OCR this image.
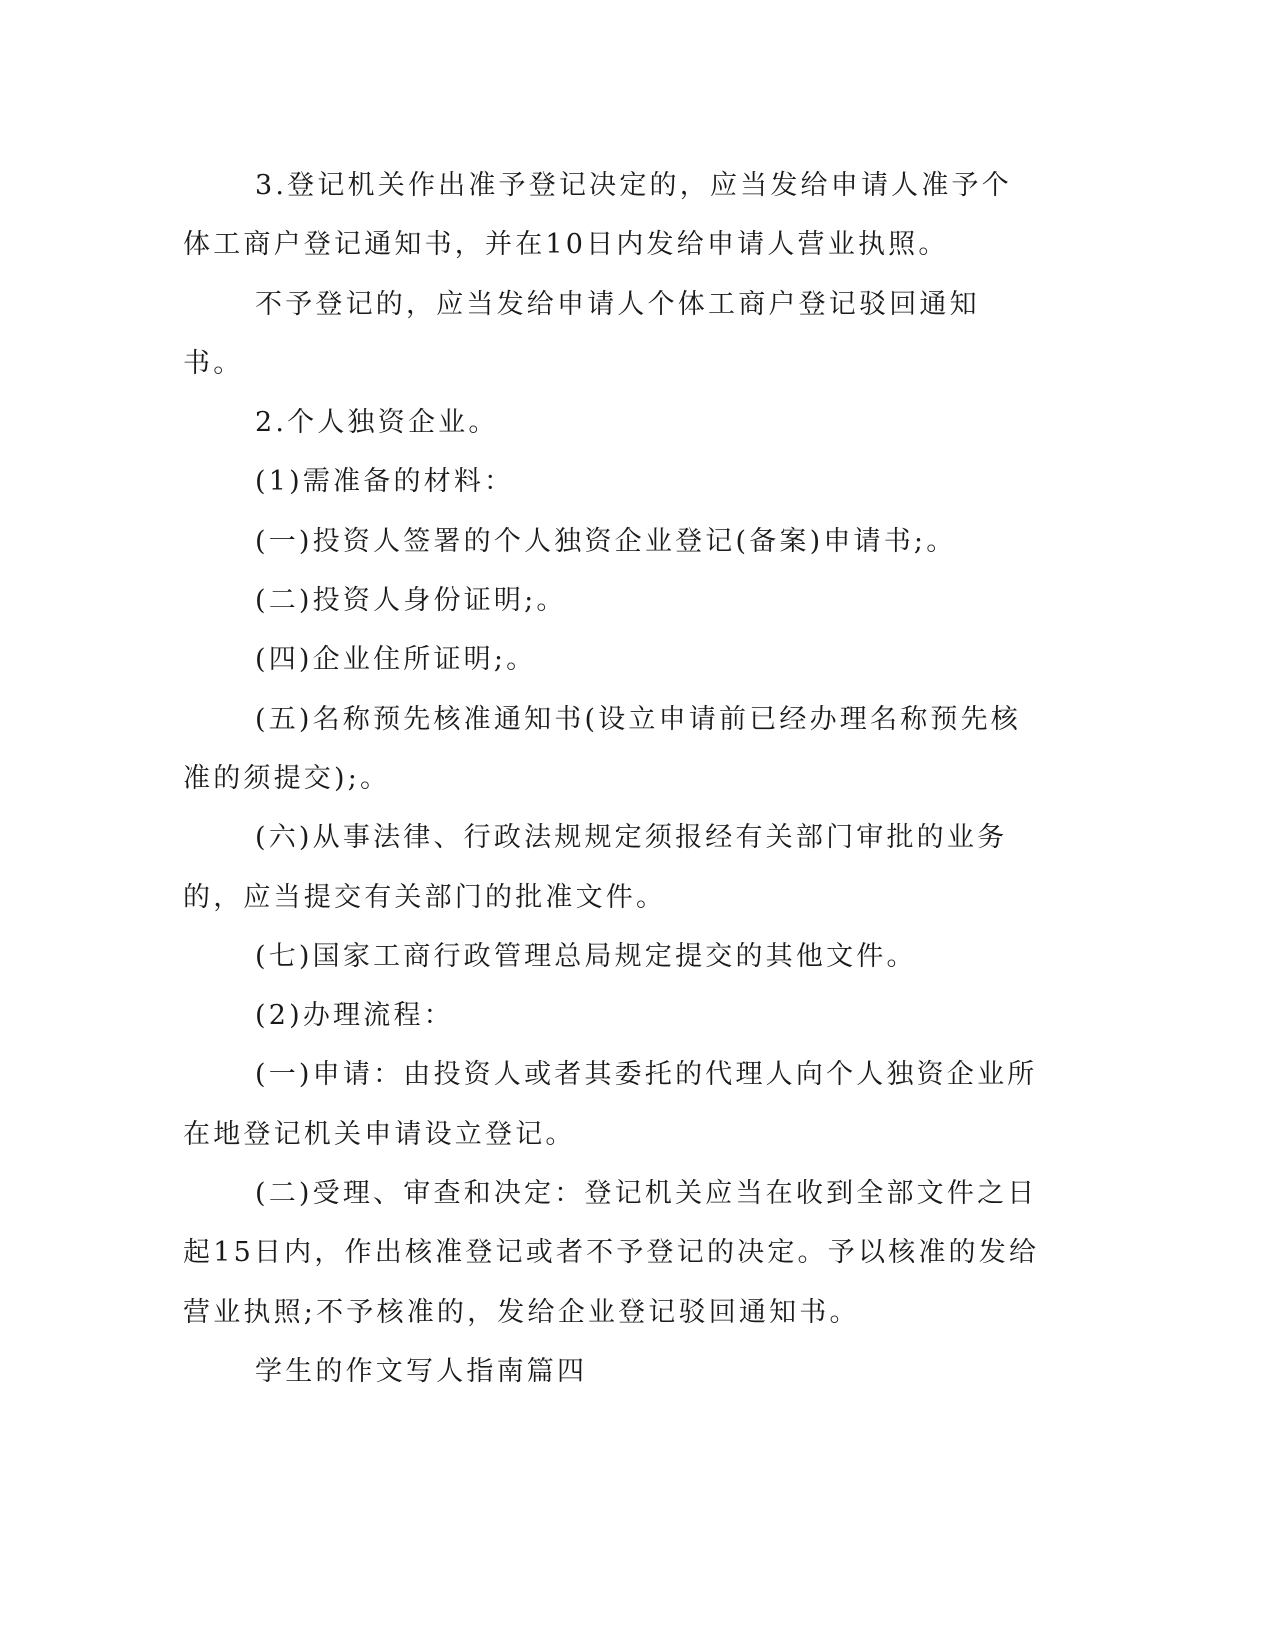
3.登记机关作出准予登记决定的，应当发给申请人准予个体工商户登记通知书，并在10日内发给申请人营业执照。

不予登记的，应当发给申请人个体工商户登记驳回通知书。

2.个人独资企业。

(1)需准备的材料：

(一)投资人签署的个人独资企业登记(备案)申请书;。

(二)投资人身份证明;。

(四)企业住所证明;。

(五)名称预先核准通知书(设立申请前已经办理名称预先核准的须提交);。

(六)从事法律、行政法规规定须报经有关部门审批的业务的，应当提交有关部门的批准文件。

(七)国家工商行政管理总局规定提交的其他文件。

(2)办理流程：

(一)申请：由投资人或者其委托的代理人向个人独资企业所在地登记机关申请设立登记。

(二)受理、审查和决定：登记机关应当在收到全部文件之日起15日内，作出核准登记或者不予登记的决定。予以核准的发给营业执照;不予核准的，发给企业登记驳回通知书。

学生的作文写人指南篇四
